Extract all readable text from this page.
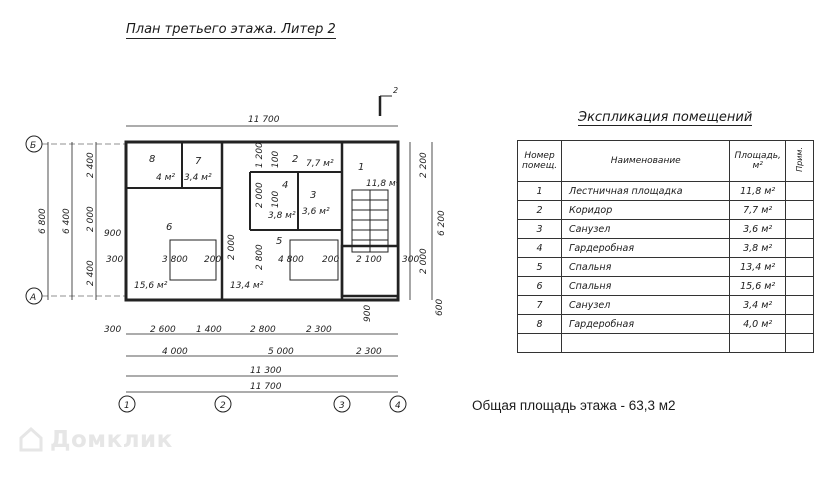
План третьего этажа. Литер 2
2
Б
А
1	2	3	4
11 700
300	2 600 1 400	2 800	2 300
4 000	5 000	2 300
11 300
11 700
6 800 6 400
2 400
2 000
2 400
900
2 200
6 200
2 000
600
1 200 100
2 000 100
2 000 2 800
3 800 200	4 800 200 2 100
300	300
900
8	7	2
1
4
3
6
5
4 м² 3,4 м²
7,7 м²
11,8 м²
3,8 м² 3,6 м²
15,6 м²	13,4 м²
Экспликация помещений
Номер помещ.	Наименование	Площадь, м²	Прим.
1	Лестничная площадка	11,8 м²	
2	Коридор	7,7 м²	
3	Санузел	3,6 м²	
4	Гардеробная	3,8 м²	
5	Спальня	13,4 м²	
6	Спальня	15,6 м²	
7	Санузел	3,4 м²	
8	Гардеробная	4,0 м²	

Общая площадь этажа - 63,3 м2
Домклик
